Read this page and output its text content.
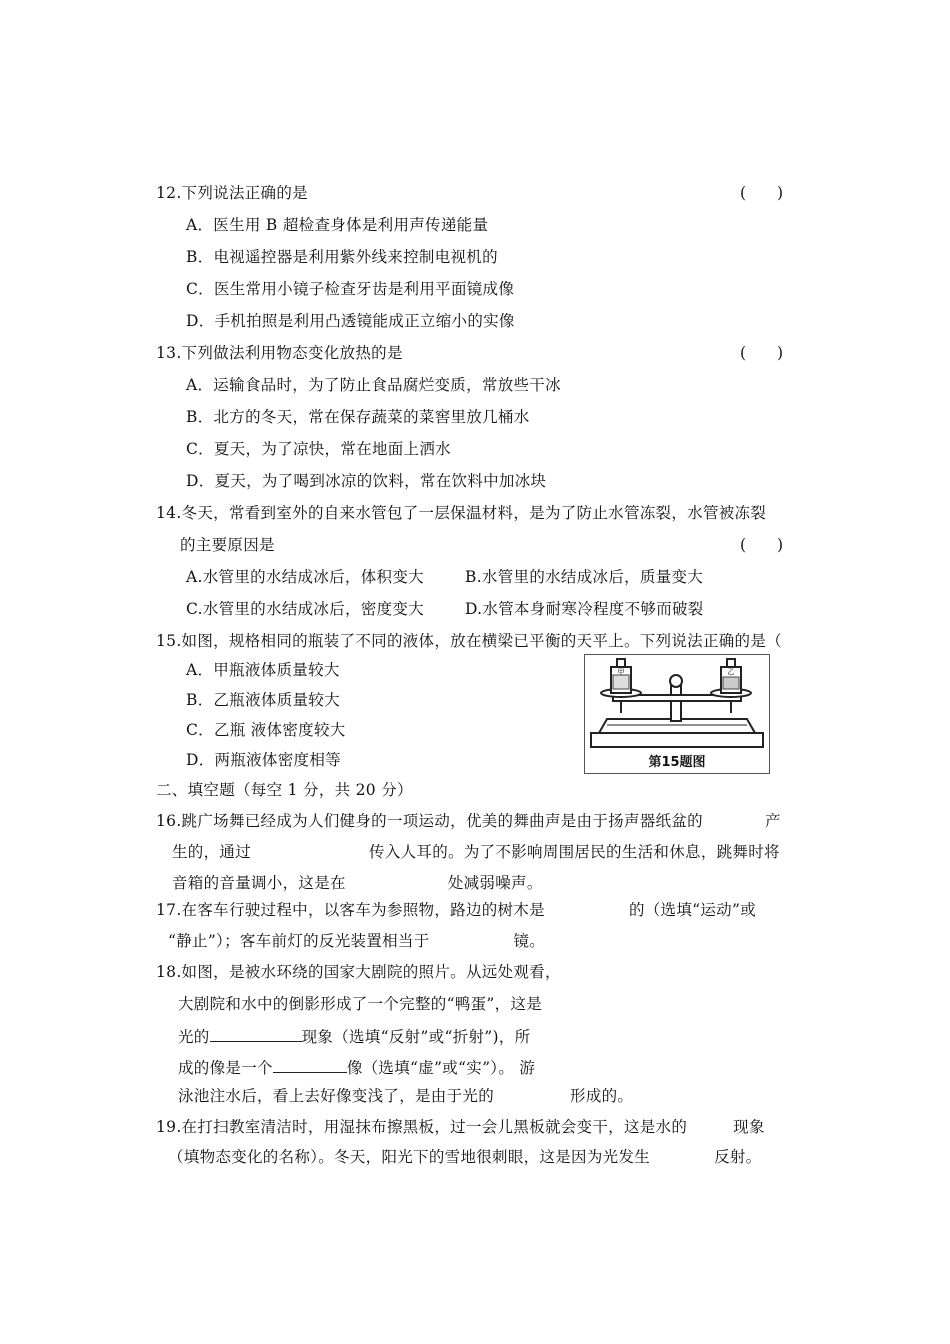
12.下列说法正确的是	(　　)
A．医生用 B 超检查身体是利用声传递能量
B．电视遥控器是利用紫外线来控制电视机的
C．医生常用小镜子检查牙齿是利用平面镜成像
D．手机拍照是利用凸透镜能成正立缩小的实像
13.下列做法利用物态变化放热的是	(　　)
A．运输食品时，为了防止食品腐烂变质，常放些干冰
B．北方的冬天，常在保存蔬菜的菜窖里放几桶水
C．夏天，为了凉快，常在地面上洒水
D．夏天，为了喝到冰凉的饮料，常在饮料中加冰块
14.冬天，常看到室外的自来水管包了一层保温材料，是为了防止水管冻裂，水管被冻裂
的主要原因是	(　　)
A.水管里的水结成冰后，体积变大	B.水管里的水结成冰后，质量变大
C.水管里的水结成冰后，密度变大	D.水管本身耐寒冷程度不够而破裂
15.如图，规格相同的瓶装了不同的液体，放在横梁已平衡的天平上。下列说法正确的是（
A．甲瓶液体质量较大
B．乙瓶液体质量较大
C．乙瓶 液体密度较大
D．两瓶液体密度相等
甲	乙
第15题图
二、填空题（每空 1 分，共 20 分）
16.跳广场舞已经成为人们健身的一项运动，优美的舞曲声是由于扬声器纸盆的	产
生的，通过	传入人耳的。为了不影响周围居民的生活和休息，跳舞时将
音箱的音量调小，这是在	处减弱噪声。
17.在客车行驶过程中，以客车为参照物，路边的树木是	的（选填“运动”或
“静止”）；客车前灯的反光装置相当于	镜。
18.如图，是被水环绕的国家大剧院的照片。从远处观看，
大剧院和水中的倒影形成了一个完整的“鸭蛋”，这是
光的	现象（选填“反射”或“折射”)，所
成的像是一个	像（选填“虚”或“实”）。 游
泳池注水后，看上去好像变浅了，是由于光的	形成的。
19.在打扫教室清洁时，用湿抹布擦黑板，过一会儿黑板就会变干，这是水的	现象
（填物态变化的名称）。冬天，阳光下的雪地很刺眼，这是因为光发生	反射。
